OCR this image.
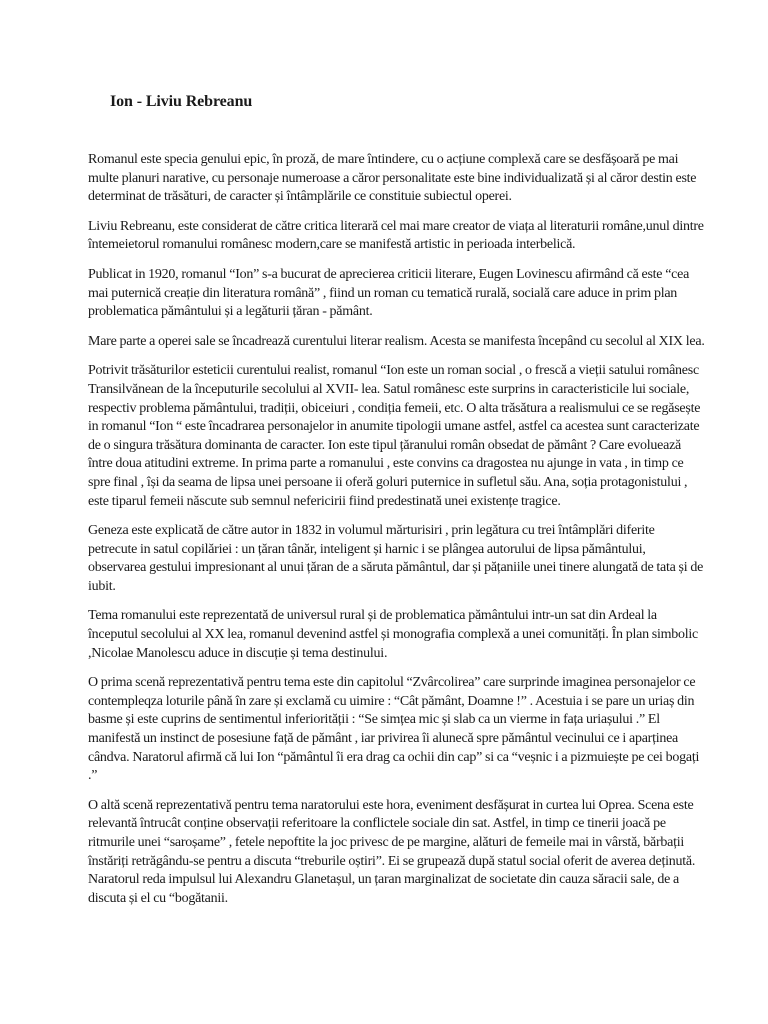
Ion - Liviu Rebreanu

Romanul este specia genului epic, în proză, de mare întindere, cu o acțiune complexă care se desfășoară pe mai multe planuri narative, cu personaje numeroase a căror personalitate este bine individualizată și al căror destin este determinat de trăsături, de caracter și întâmplările ce constituie subiectul operei.

Liviu Rebreanu, este considerat de către critica literară cel mai mare creator de viața al literaturii române,unul dintre întemeietorul romanului românesc modern,care se manifestă artistic in perioada interbelică.

Publicat in 1920, romanul “Ion” s-a bucurat de aprecierea criticii literare, Eugen Lovinescu afirmând că este “cea mai puternică creație din literatura română” , fiind un roman cu tematică rurală, socială care aduce in prim plan problematica pământului și a legăturii țăran - pământ.

Mare parte a operei sale se încadrează curentului literar realism. Acesta se manifesta începând cu secolul al XIX lea.

Potrivit trăsăturilor esteticii curentului realist, romanul “Ion este un roman social , o frescă a vieții satului românesc Transilvănean de la începuturile secolului al XVII- lea. Satul românesc este surprins in caracteristicile lui sociale, respectiv problema pământului, tradiții, obiceiuri , condiția femeii, etc. O alta trăsătura a realismului ce se regăsește in romanul “Ion “ este încadrarea personajelor in anumite tipologii umane astfel, astfel ca acestea sunt caracterizate de o singura trăsătura dominanta de caracter. Ion este tipul țăranului român obsedat de pământ ? Care evoluează între doua atitudini extreme. In prima parte a romanului , este convins ca dragostea nu ajunge in vata , in timp ce spre final , își da seama de lipsa unei persoane ii oferă goluri puternice in sufletul său. Ana, soția protagonistului , este tiparul femeii născute sub semnul nefericirii fiind predestinată unei existențe tragice.

Geneza este explicată de către autor in 1832 in volumul mărturisiri , prin legătura cu trei întâmplări diferite petrecute in satul copilăriei : un țăran tânăr, inteligent și harnic i se plângea autorului de lipsa pământului, observarea gestului impresionant al unui țăran de a săruta pământul, dar și pățaniile unei tinere alungată de tata și de iubit.

Tema romanului este reprezentată de universul rural și de problematica pământului intr-un sat din Ardeal la începutul secolului al XX lea, romanul devenind astfel și monografia complexă a unei comunități. În plan simbolic ,Nicolae Manolescu aduce in discuție și tema destinului.

O prima scenă reprezentativă pentru tema este din capitolul “Zvârcolirea” care surprinde imaginea personajelor ce contempleqza loturile până în zare și exclamă cu uimire : “Cât pământ, Doamne !” . Acestuia i se pare un uriaș din basme și este cuprins de sentimentul inferiorității : “Se simțea mic și slab ca un vierme in fața uriașului .” El manifestă un instinct de posesiune față de pământ , iar privirea îi alunecă spre pământul vecinului ce i aparținea cândva. Naratorul afirmă că lui Ion “pământul îi era drag ca ochii din cap” si ca “veșnic i a pizmuiește pe cei bogați .”

O altă scenă reprezentativă pentru tema naratorului este hora, eveniment desfășurat in curtea lui Oprea. Scena este relevantă întrucât conține observații referitoare la conflictele sociale din sat. Astfel, in timp ce tinerii joacă pe ritmurile unei “saroșame” , fetele nepoftite la joc privesc de pe margine, alături de femeile mai in vârstă, bărbații înstăriți retrăgându-se pentru a discuta “treburile oștiri”. Ei se grupează după statul social oferit de averea deținută. Naratorul reda impulsul lui Alexandru Glanetașul, un țaran marginalizat de societate din cauza săracii sale, de a discuta și el cu “bogătanii.
